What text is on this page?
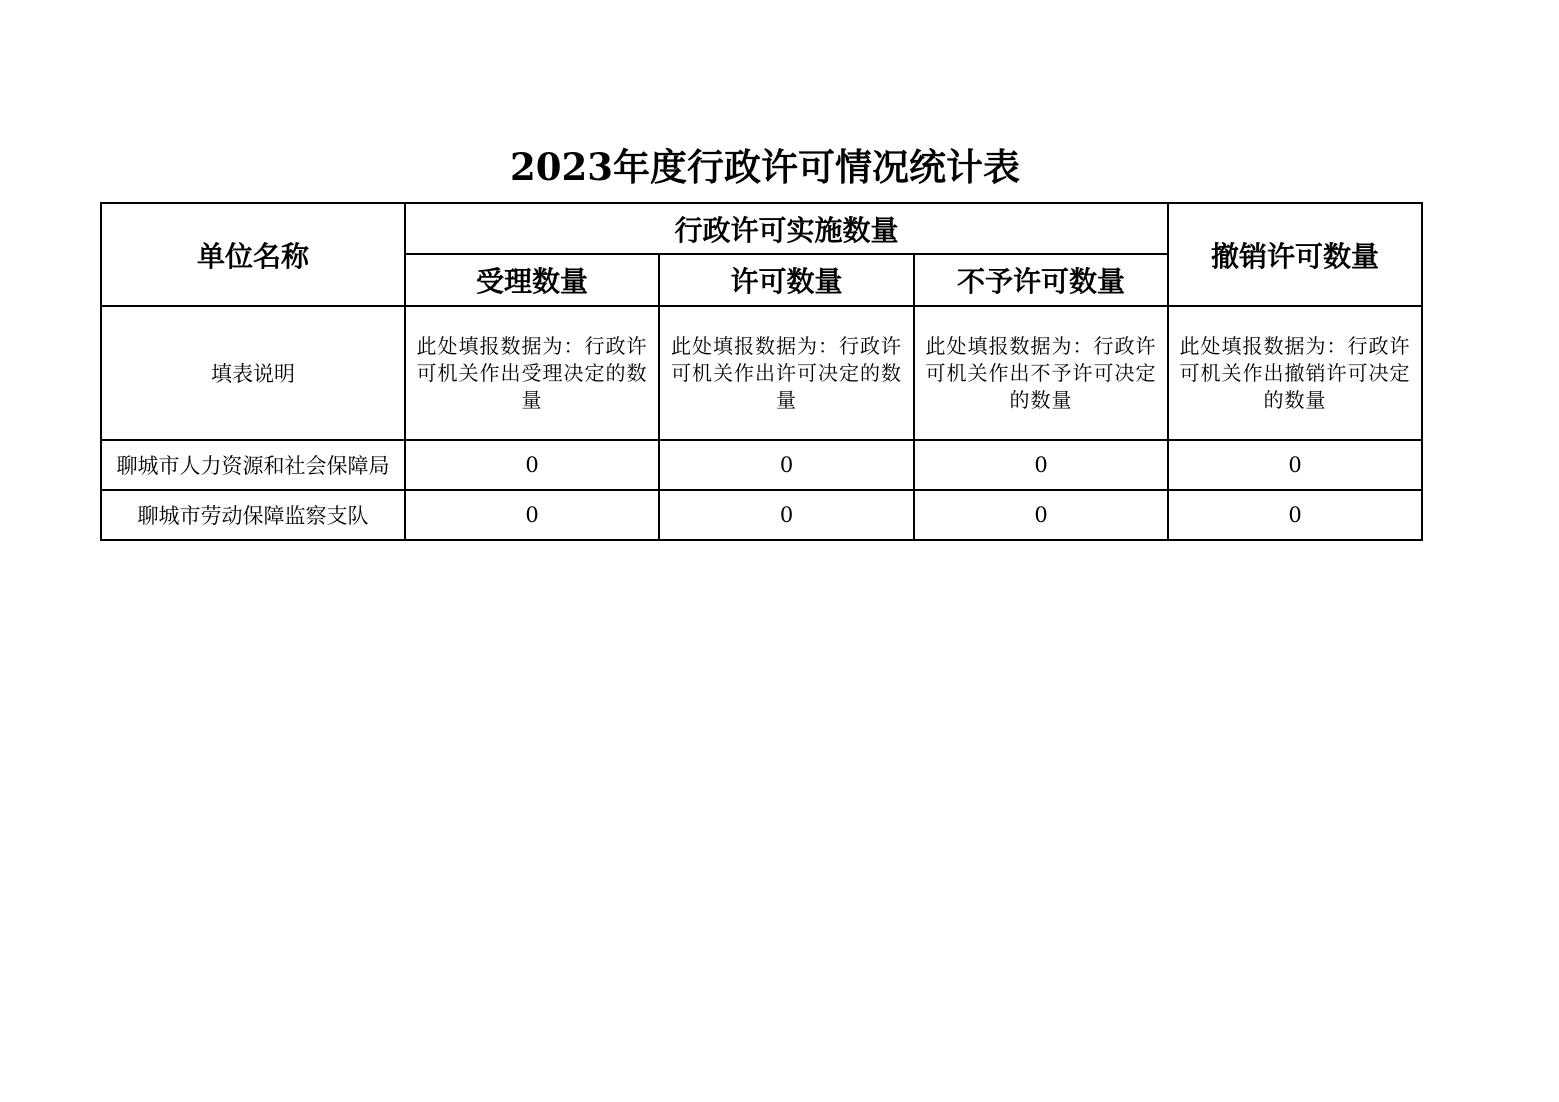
2023年度行政许可情况统计表
单位名称	行政许可实施数量			撤销许可数量
	受理数量	许可数量	不予许可数量	
填表说明	此处填报数据为：行政许可机关作出受理决定的数量	此处填报数据为：行政许可机关作出许可决定的数量	此处填报数据为：行政许可机关作出不予许可决定的数量	此处填报数据为：行政许可机关作出撤销许可决定的数量

聊城市人力资源和社会保障局	0	0	0	0
聊城市劳动保障监察支队	0	0	0	0
